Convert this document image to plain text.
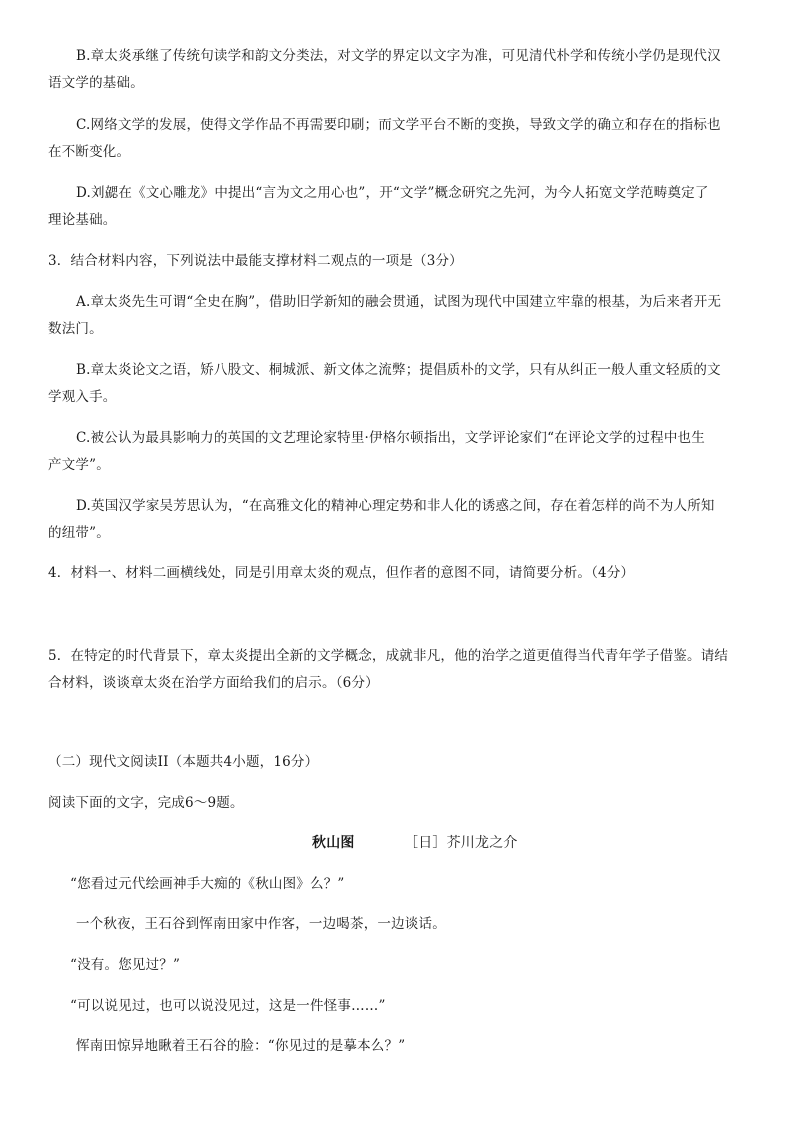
B.章太炎承继了传统句读学和韵文分类法，对文学的界定以文字为准，可见清代朴学和传统小学仍是现代汉
语文学的基础。
C.网络文学的发展，使得文学作品不再需要印刷；而文学平台不断的变换，导致文学的确立和存在的指标也
在不断变化。
D.刘勰在《文心雕龙》中提出“言为文之用心也”，开“文学”概念研究之先河，为今人拓宽文学范畴奠定了
理论基础。
3．结合材料内容，下列说法中最能支撑材料二观点的一项是（3分）
A.章太炎先生可谓“全史在胸”，借助旧学新知的融会贯通，试图为现代中国建立牢靠的根基，为后来者开无
数法门。
B.章太炎论文之语，矫八股文、桐城派、新文体之流弊；提倡质朴的文学，只有从纠正一般人重文轻质的文
学观入手。
C.被公认为最具影响力的英国的文艺理论家特里·伊格尔顿指出，文学评论家们“在评论文学的过程中也生
产文学”。
D.英国汉学家吴芳思认为，“在高雅文化的精神心理定势和非人化的诱惑之间，存在着怎样的尚不为人所知
的纽带”。
4．材料一、材料二画横线处，同是引用章太炎的观点，但作者的意图不同，请简要分析。（4分）
5．在特定的时代背景下，章太炎提出全新的文学概念，成就非凡，他的治学之道更值得当代青年学子借鉴。请结
合材料，谈谈章太炎在治学方面给我们的启示。（6分）
（二）现代文阅读II（本题共4小题，16分）
阅读下面的文字，完成6～9题。
秋山图	［日］芥川龙之介
“您看过元代绘画神手大痴的《秋山图》么？”
一个秋夜，王石谷到恽南田家中作客，一边喝茶，一边谈话。
“没有。您见过？”
“可以说见过，也可以说没见过，这是一件怪事……”
恽南田惊异地瞅着王石谷的脸：“你见过的是摹本么？”
